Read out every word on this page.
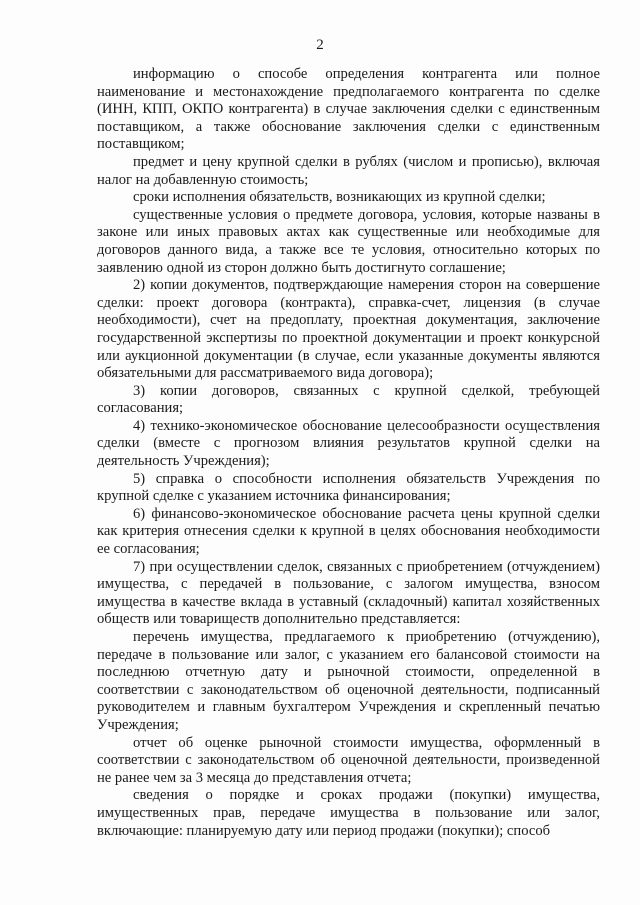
2

информацию о способе определения контрагента или полное наименование и местонахождение предполагаемого контрагента по сделке (ИНН, КПП, ОКПО контрагента) в случае заключения сделки с единственным поставщиком, а также обоснование заключения сделки с единственным поставщиком;

предмет и цену крупной сделки в рублях (числом и прописью), включая налог на добавленную стоимость;

сроки исполнения обязательств, возникающих из крупной сделки;

существенные условия о предмете договора, условия, которые названы в законе или иных правовых актах как существенные или необходимые для договоров данного вида, а также все те условия, относительно которых по заявлению одной из сторон должно быть достигнуто соглашение;

2) копии документов, подтверждающие намерения сторон на совершение сделки: проект договора (контракта), справка-счет, лицензия (в случае необходимости), счет на предоплату, проектная документация, заключение государственной экспертизы по проектной документации и проект конкурсной или аукционной документации (в случае, если указанные документы являются обязательными для рассматриваемого вида договора);

3) копии договоров, связанных с крупной сделкой, требующей согласования;

4) технико-экономическое обоснование целесообразности осуществления сделки (вместе с прогнозом влияния результатов крупной сделки на деятельность Учреждения);

5) справка о способности исполнения обязательств Учреждения по крупной сделке с указанием источника финансирования;

6) финансово-экономическое обоснование расчета цены крупной сделки как критерия отнесения сделки к крупной в целях обоснования необходимости ее согласования;

7) при осуществлении сделок, связанных с приобретением (отчуждением) имущества, с передачей в пользование, с залогом имущества, взносом имущества в качестве вклада в уставный (складочный) капитал хозяйственных обществ или товариществ дополнительно представляется:

перечень имущества, предлагаемого к приобретению (отчуждению), передаче в пользование или залог, с указанием его балансовой стоимости на последнюю отчетную дату и рыночной стоимости, определенной в соответствии с законодательством об оценочной деятельности, подписанный руководителем и главным бухгалтером Учреждения и скрепленный печатью Учреждения;

отчет об оценке рыночной стоимости имущества, оформленный в соответствии с законодательством об оценочной деятельности, произведенной не ранее чем за 3 месяца до представления отчета;

сведения о порядке и сроках продажи (покупки) имущества, имущественных прав, передаче имущества в пользование или залог, включающие: планируемую дату или период продажи (покупки); способ
